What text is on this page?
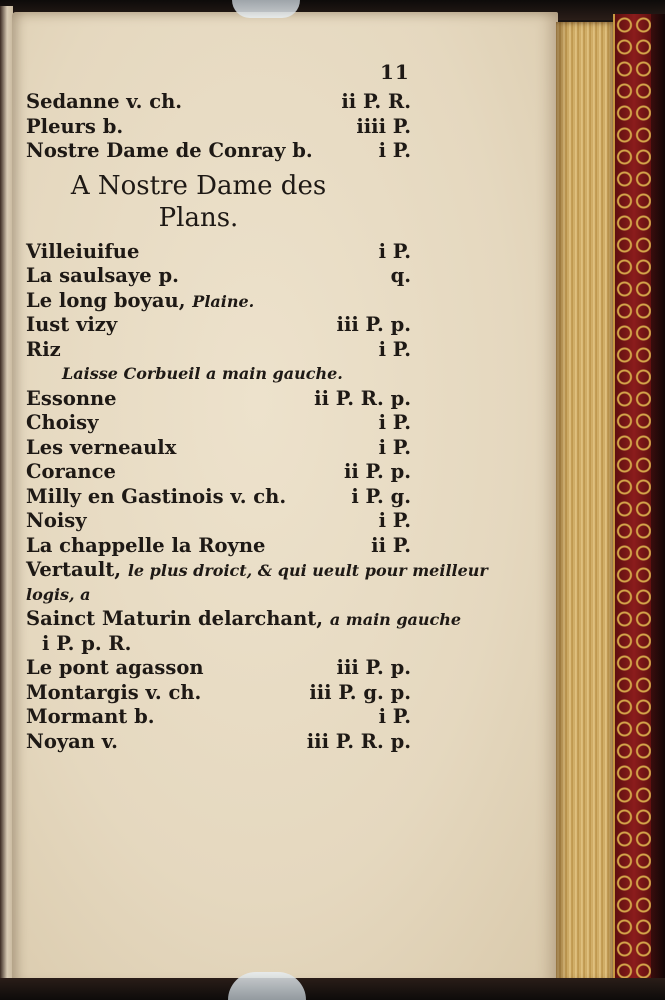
11
Sedanne v. ch.	ii P. R.
Pleurs b.	iiii P.
Nostre Dame de Conray b.	i P.
A Nostre Dame des
Plans.
Villeiuifue	i P.
La saulsaye p.	q.
Le long boyau, Plaine.
Iust vizy	iii P. p.
Riz	i P.
Laisse Corbueil a main gauche.
Essonne	ii P. R. p.
Choisy	i P.
Les verneaulx	i P.
Corance	ii P. p.
Milly en Gastinois v. ch.	i P. g.
Noisy	i P.
La chappelle la Royne	ii P.
Vertault, le plus droict, & qui ueult pour meilleur
logis, a
Sainct Maturin delarchant, a main gauche
i P. p. R.
Le pont agasson	iii P. p.
Montargis v. ch.	iii P. g. p.
Mormant b.	i P.
Noyan v.	iii P. R. p.
